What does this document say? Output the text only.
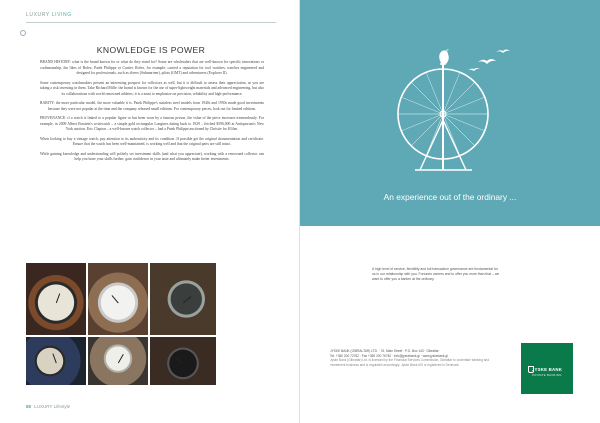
LUXURY LIVING
KNOWLEDGE IS POWER

BRAND HISTORY: what is the brand known for or what do they stand for? Some are wholesalers that are well-known for specific innovations or craftsmanship, the likes of Rolex, Patek Philippe or Cartier. Rolex, for example, carried a reputation for tool watches; watches engineered and designed for professionals, such as divers (Submariner), pilots (GMT) and adventurers (Explorer II).

Some contemporary watchmakers present an interesting prospect for collectors as well, but it is difficult to assess their appreciation, as you are taking a risk investing in them. Take Richard Mille: the brand is known for the use of super-lightweight materials and advanced engineering, but also its collaborations with world renowned athletes; it is a must to emphasize on precision, reliability and high-performance.

RARITY: the more particular model, the more valuable it is. Patek Philippe's stainless steel models from 1940s and 1950s made good investments because they were not popular at the time and the company released small editions. For contemporary pieces, look out for limited editions.

PROVENANCE: if a watch is linked to a popular figure or has been worn by a famous person, the value of the piece increases tremendously. For example, in 2009 Albert Einstein's wristwatch – a simple gold rectangular Longines dating back to 1929 – fetched $596,000 at Antiquorum's New York auction. Eric Clapton – a well-known watch collector – had a Patek Philippe auctioned by Christie for $3.6m.

When looking to buy a vintage watch, pay attention to its authenticity and its condition. If possible get the original documentation and certificate. Ensure that the watch has been well-maintained, is working well and that the original parts are still intact.

While gaining knowledge and understanding will politely set investment skills (and what you appreciate), working with a renowned collector can help you hone your skills further, gain confidence in your taste and ultimately make better investments.

88 LUXURY Lifestyle
An experience out of the ordinary ...
A high level of service, flexibility and full transaction governance are fundamental for us in our relationship with you. Fortunes owners and to offer you more than that – we want to offer you a banker at the ordinary.
JYSKE BANK (GIBRALTAR) LTD. · 76, Main Street · P.O. Box 143 · Gibraltar
Tel. +350 200 72782 · Fax +350 200 76782 · info@jyskebank.gi · www.jyskebank.gi
Jyske Bank (Gibraltar) Ltd. is licensed by the Financial Services Commission, Gibraltar to undertake banking and investment business and is regulated accordingly. Jyske Bank A/S is registered in Denmark.
JYSKE BANK
PRIVATE BANKING
